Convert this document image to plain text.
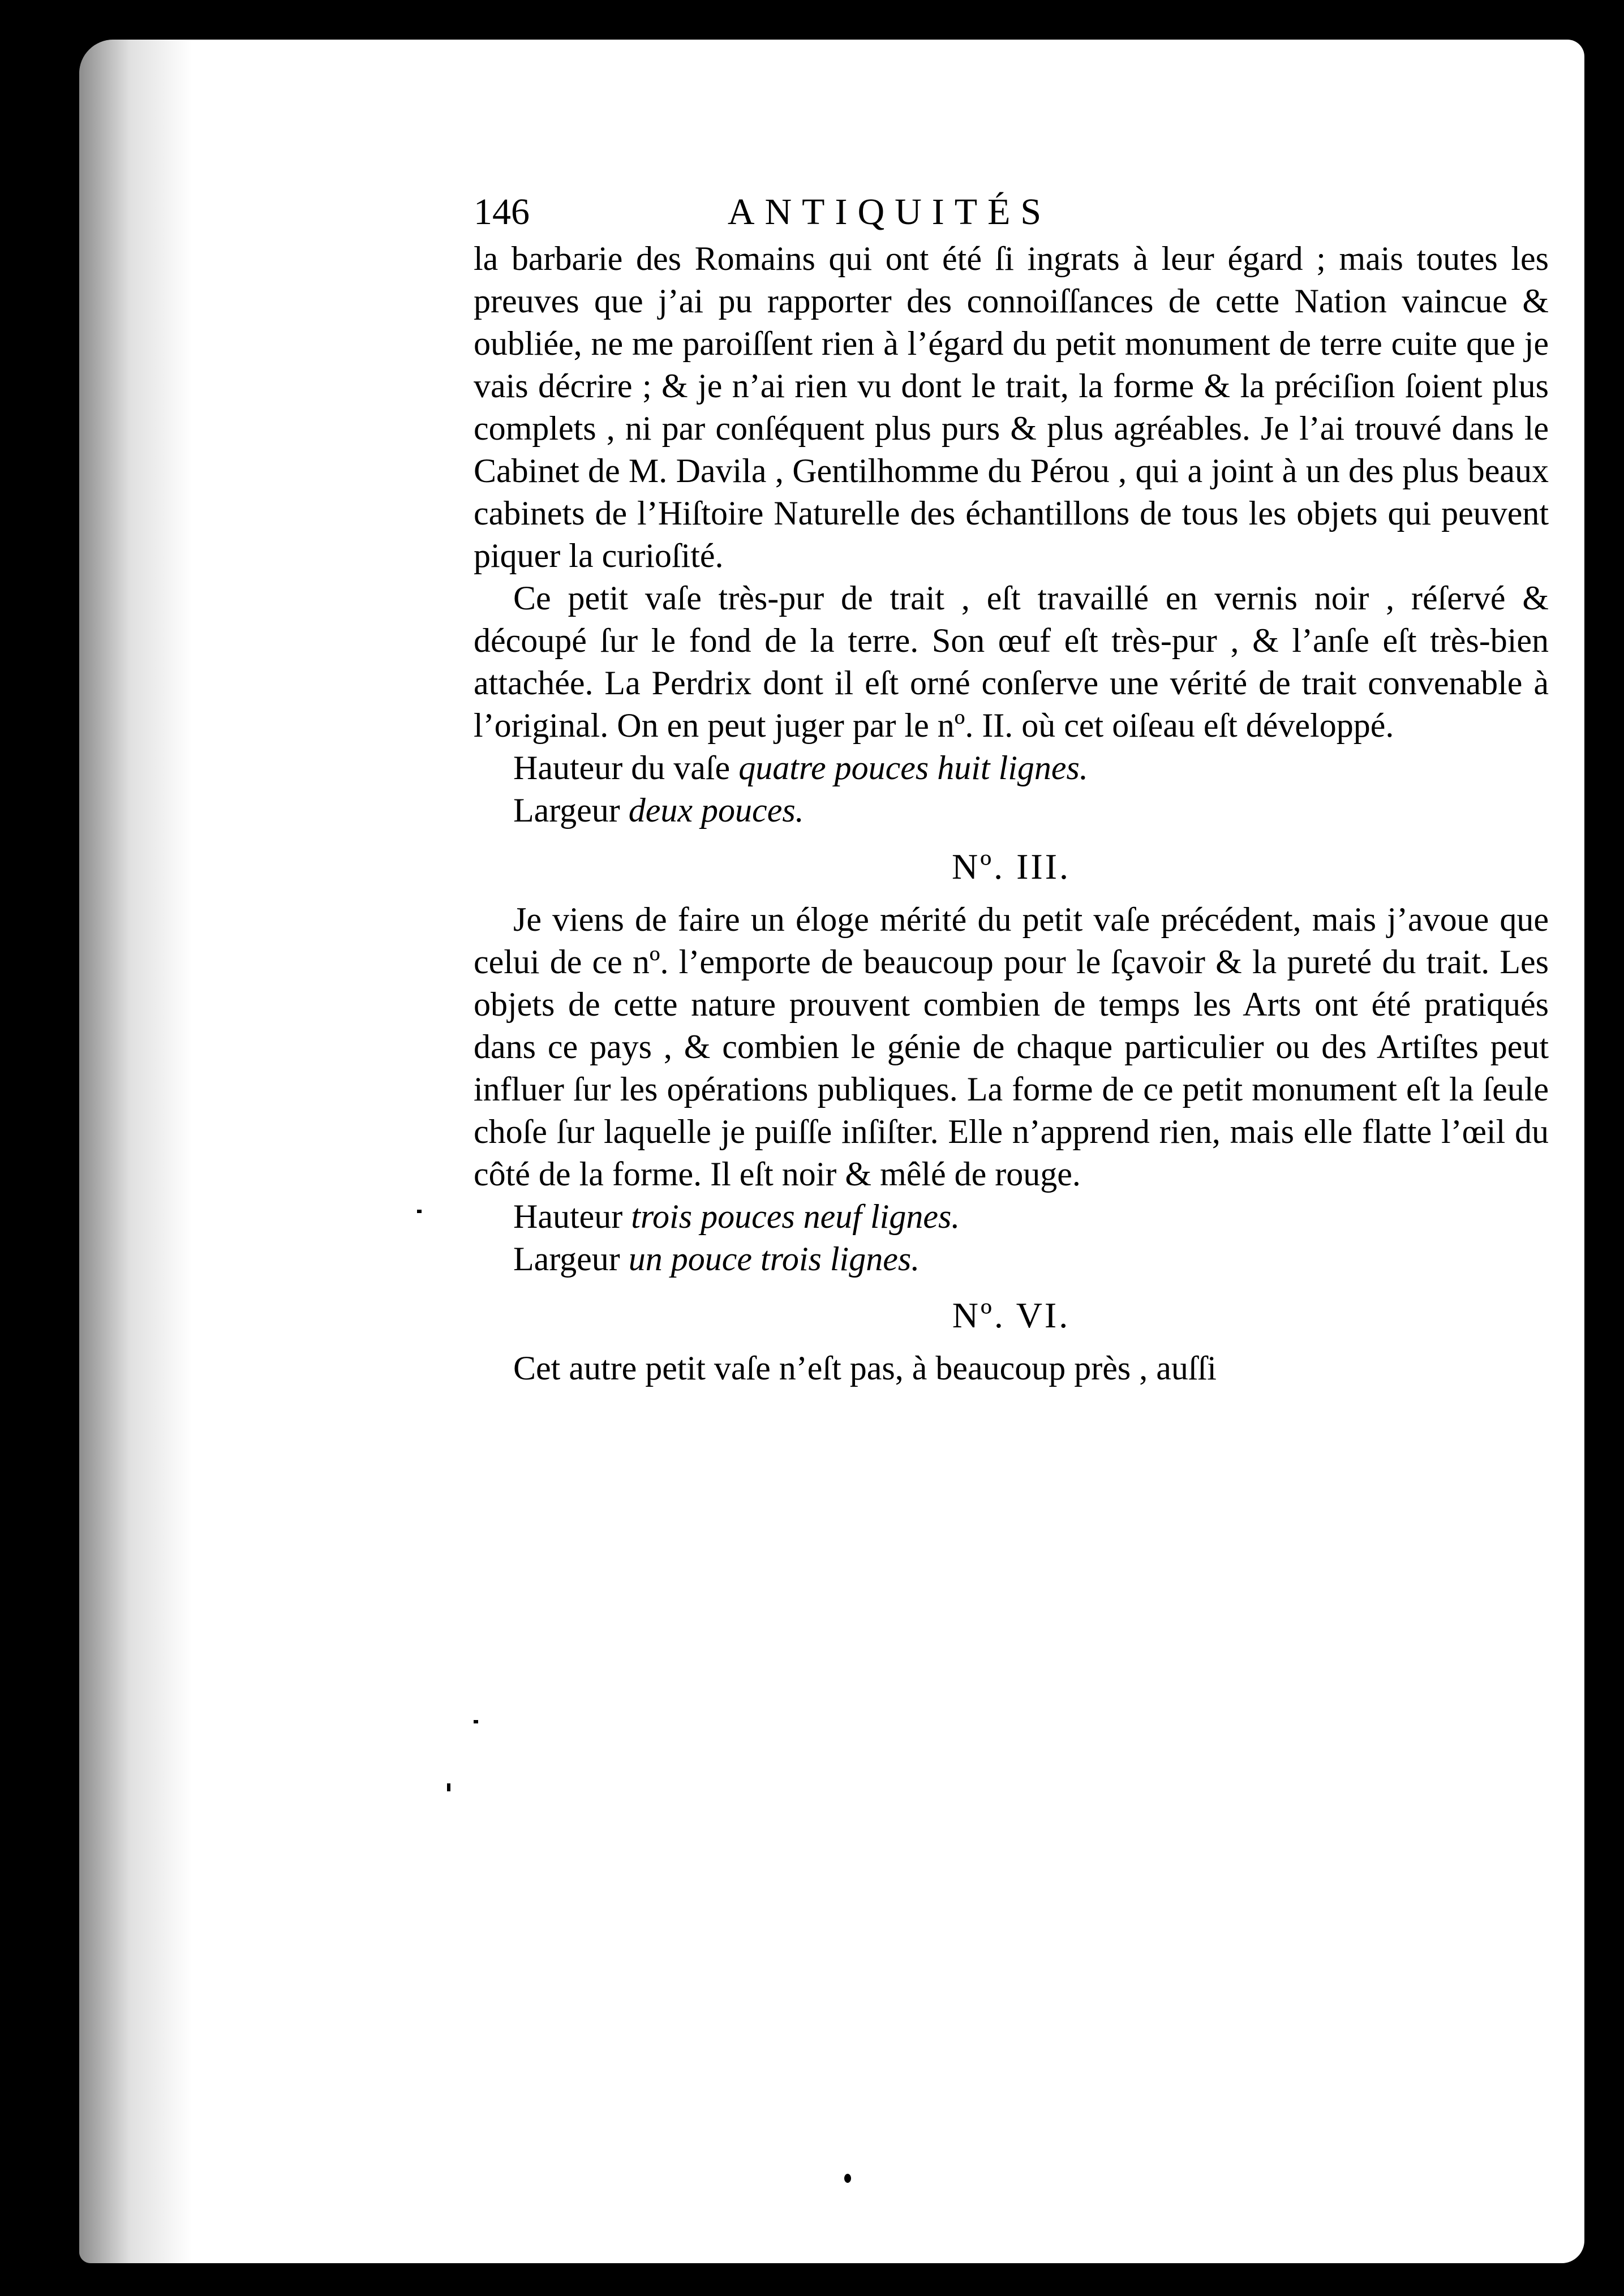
146	ANTIQUITÉS

la barbarie des Romains qui ont été ſi ingrats à leur égard ; mais toutes les preuves que j’ai pu rapporter des connoiſſances de cette Nation vaincue & oubliée, ne me paroiſſent rien à l’égard du petit monument de terre cuite que je vais décrire ; & je n’ai rien vu dont le trait, la forme & la préciſion ſoient plus complets , ni par conſéquent plus purs & plus agréables. Je l’ai trouvé dans le Cabinet de M. Davila , Gentilhomme du Pérou , qui a joint à un des plus beaux cabinets de l’Hiſtoire Naturelle des échantillons de tous les objets qui peuvent piquer la curioſité.

Ce petit vaſe très-pur de trait , eſt travaillé en vernis noir , réſervé & découpé ſur le fond de la terre. Son œuf eſt très-pur , & l’anſe eſt très-bien attachée. La Perdrix dont il eſt orné conſerve une vérité de trait convenable à l’original. On en peut juger par le nº. II. où cet oiſeau eſt développé.

Hauteur du vaſe quatre pouces huit lignes.

Largeur deux pouces.

Nº. III.

Je viens de faire un éloge mérité du petit vaſe précédent, mais j’avoue que celui de ce nº. l’emporte de beaucoup pour le ſçavoir & la pureté du trait. Les objets de cette nature prouvent combien de temps les Arts ont été pratiqués dans ce pays , & combien le génie de chaque particulier ou des Artiſtes peut influer ſur les opérations publiques. La forme de ce petit monument eſt la ſeule choſe ſur laquelle je puiſſe inſiſter. Elle n’apprend rien, mais elle flatte l’œil du côté de la forme. Il eſt noir & mêlé de rouge.

Hauteur trois pouces neuf lignes.

Largeur un pouce trois lignes.

Nº. VI.

Cet autre petit vaſe n’eſt pas, à beaucoup près , auſſi
